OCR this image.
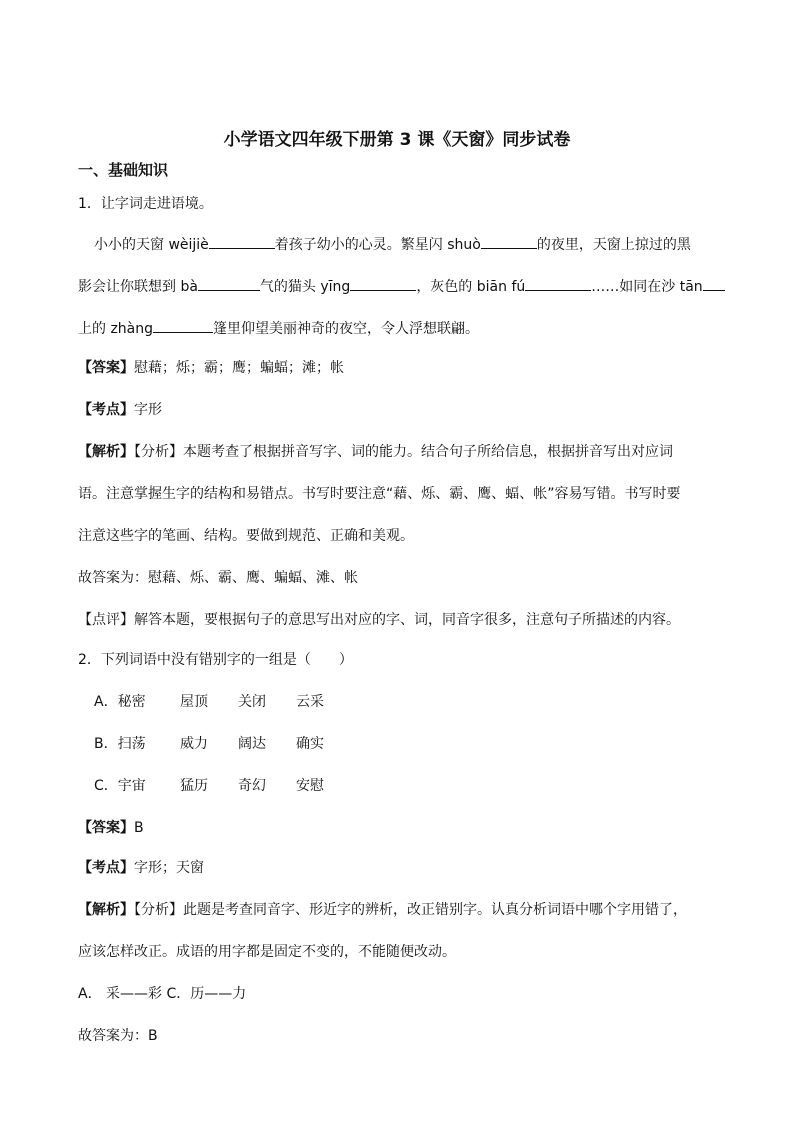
小学语文四年级下册第 3 课《天窗》同步试卷
一、基础知识
1．让字词走进语境。
小小的天窗 wèijiè	着孩子幼小的心灵。繁星闪 shuò	的夜里，天窗上掠过的黑
影会让你联想到 bà	气的猫头 yīng	，灰色的 biān fú	……如同在沙 tān
上的 zhàng	篷里仰望美丽神奇的夜空，令人浮想联翩。
【答案】慰藉；烁；霸；鹰；蝙蝠；滩；帐
【考点】字形
【解析】【分析】本题考查了根据拼音写字、词的能力。结合句子所给信息，根据拼音写出对应词
语。注意掌握生字的结构和易错点。书写时要注意“藉、烁、霸、鹰、蝠、帐”容易写错。书写时要
注意这些字的笔画、结构。要做到规范、正确和美观。
故答案为：慰藉、烁、霸、鹰、蝙蝠、滩、帐
【点评】解答本题，要根据句子的意思写出对应的字、词，同音字很多，注意句子所描述的内容。
2．下列词语中没有错别字的一组是（　　）
A．秘密 屋顶 关闭 云采
B．扫荡 威力 阔达 确实
C．宇宙 猛历 奇幻 安慰
【答案】B
【考点】字形；天窗
【解析】【分析】此题是考查同音字、形近字的辨析，改正错别字。认真分析词语中哪个字用错了，
应该怎样改正。成语的用字都是固定不变的，不能随便改动。
A． 采——彩 C．历——力
故答案为：B
